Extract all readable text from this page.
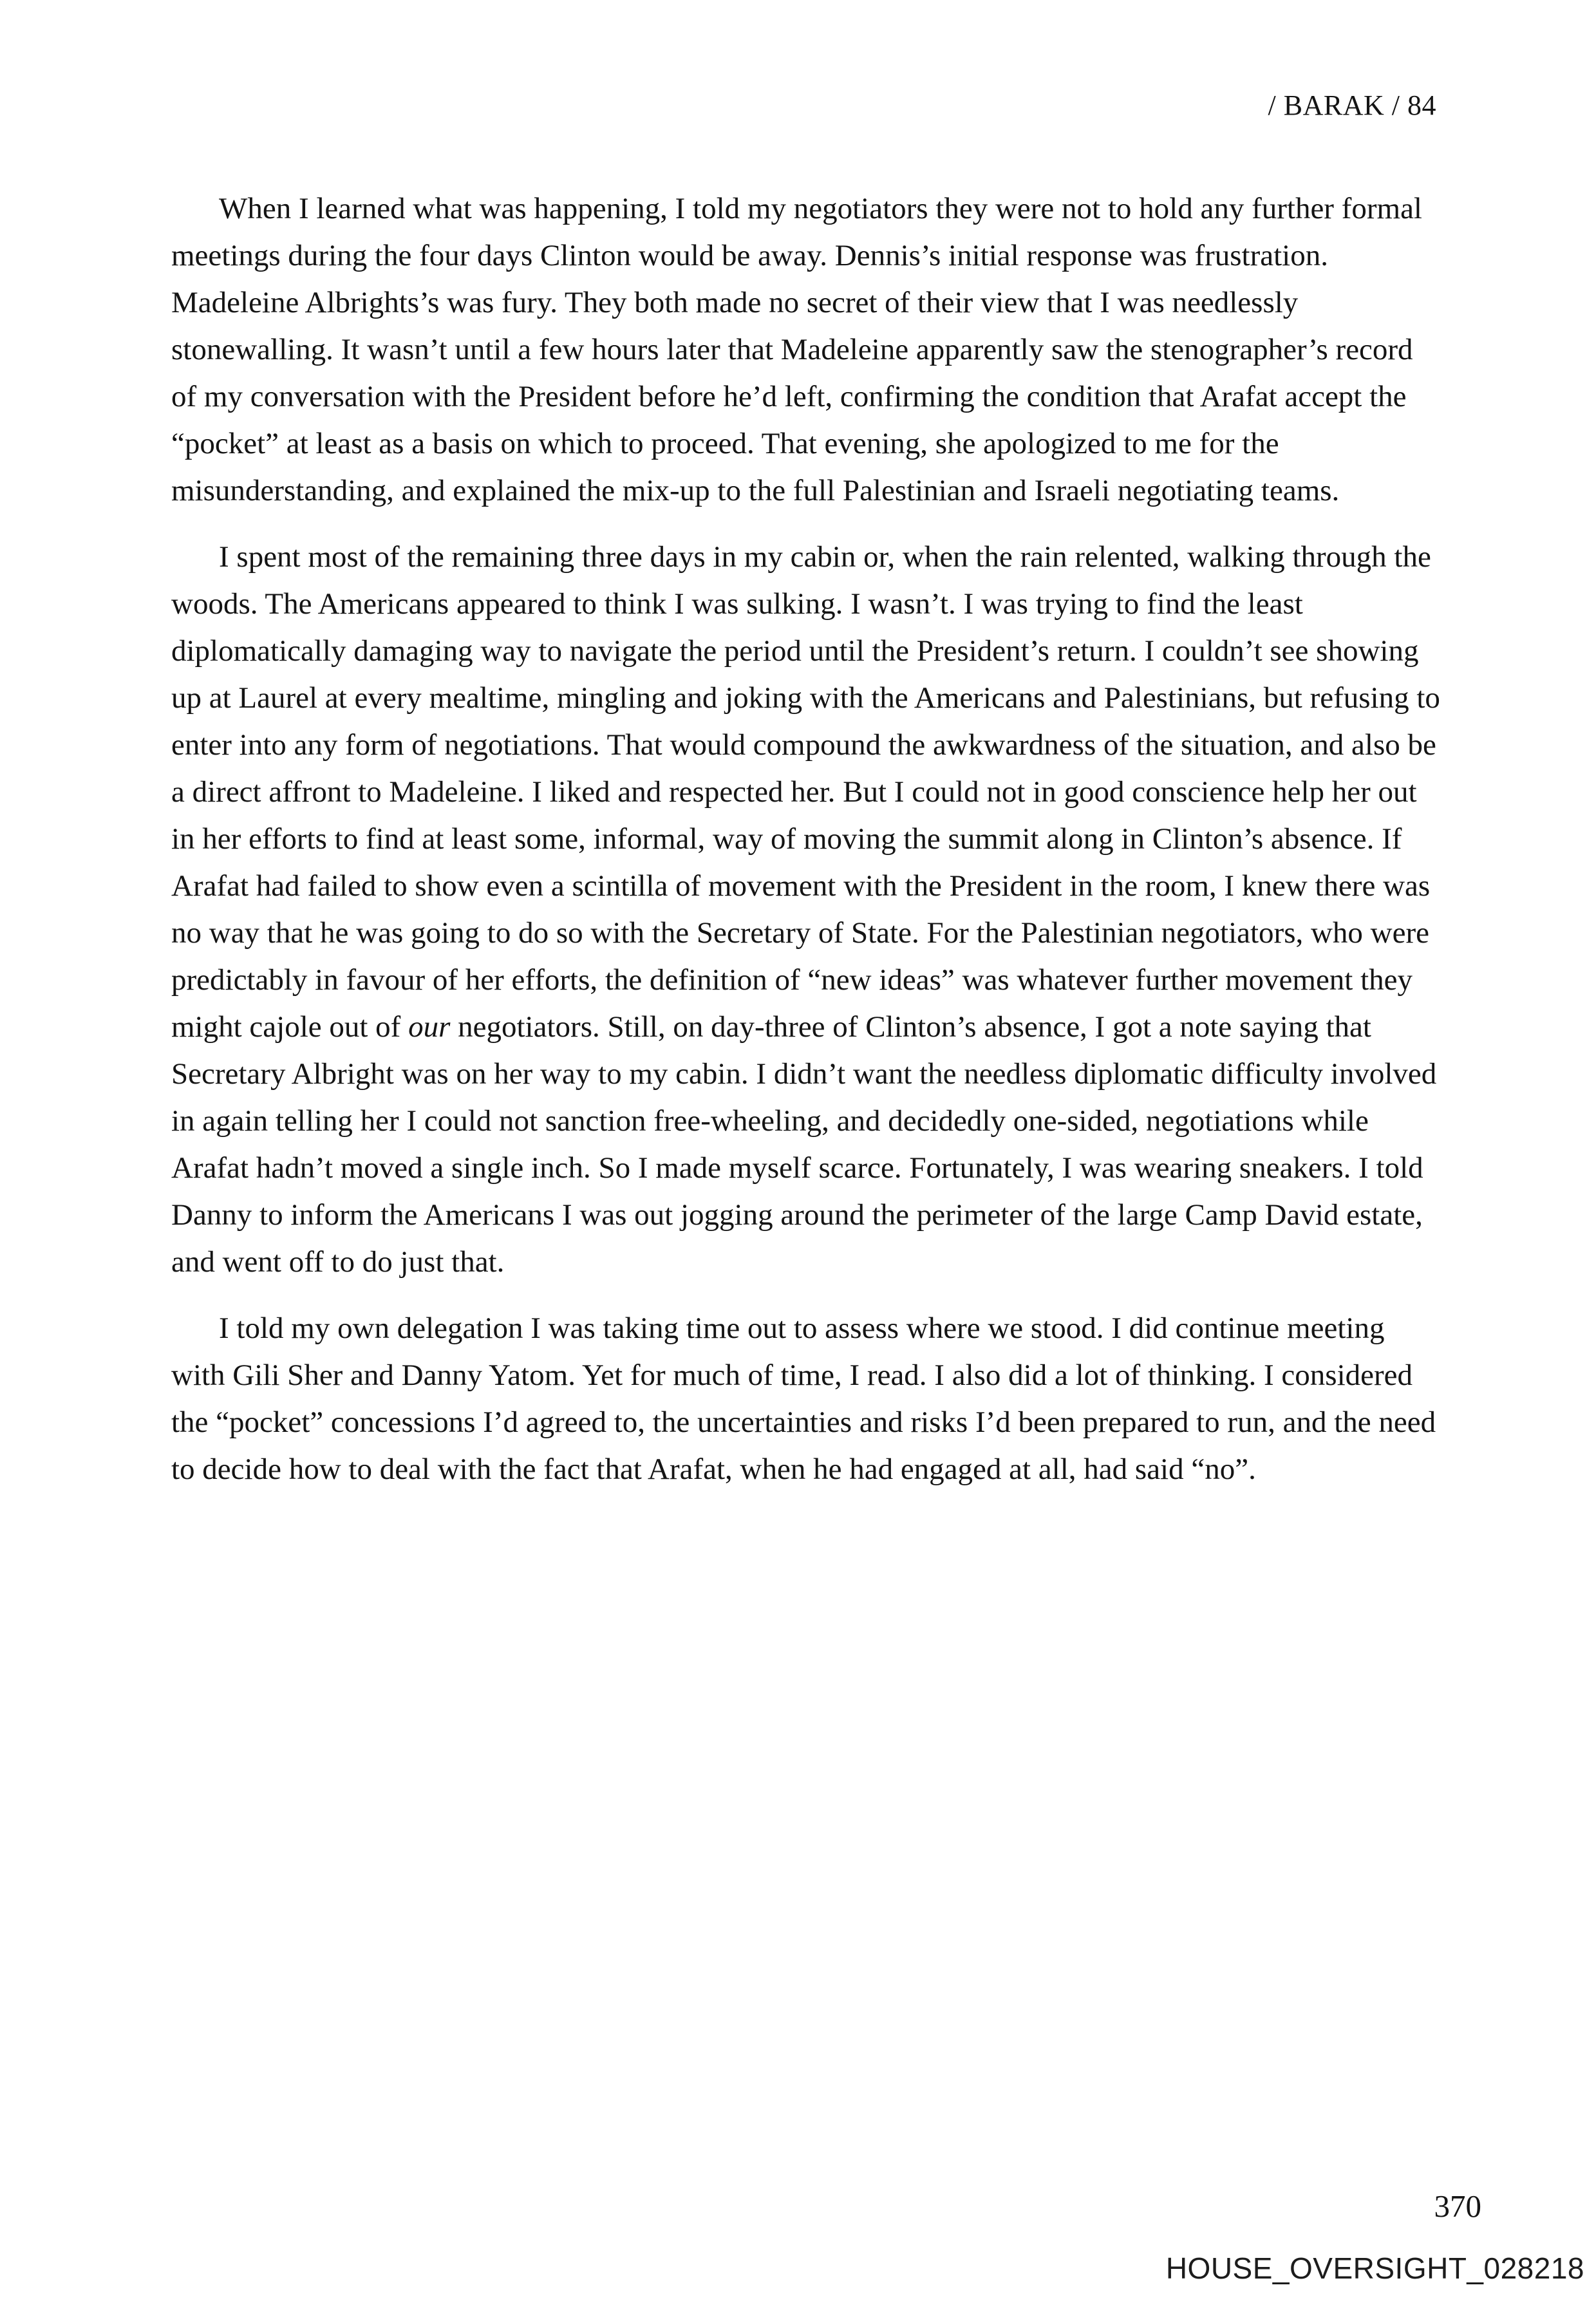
/ BARAK / 84

When I learned what was happening, I told my negotiators they were not to hold any further formal meetings during the four days Clinton would be away. Dennis’s initial response was frustration. Madeleine Albrights’s was fury. They both made no secret of their view that I was needlessly stonewalling. It wasn’t until a few hours later that Madeleine apparently saw the stenographer’s record of my conversation with the President before he’d left, confirming the condition that Arafat accept the “pocket” at least as a basis on which to proceed. That evening, she apologized to me for the misunderstanding, and explained the mix-up to the full Palestinian and Israeli negotiating teams.

I spent most of the remaining three days in my cabin or, when the rain relented, walking through the woods. The Americans appeared to think I was sulking. I wasn’t. I was trying to find the least diplomatically damaging way to navigate the period until the President’s return. I couldn’t see showing up at Laurel at every mealtime, mingling and joking with the Americans and Palestinians, but refusing to enter into any form of negotiations. That would compound the awkwardness of the situation, and also be a direct affront to Madeleine. I liked and respected her. But I could not in good conscience help her out in her efforts to find at least some, informal, way of moving the summit along in Clinton’s absence. If Arafat had failed to show even a scintilla of movement with the President in the room, I knew there was no way that he was going to do so with the Secretary of State. For the Palestinian negotiators, who were predictably in favour of her efforts, the definition of “new ideas” was whatever further movement they might cajole out of our negotiators. Still, on day-three of Clinton’s absence, I got a note saying that Secretary Albright was on her way to my cabin. I didn’t want the needless diplomatic difficulty involved in again telling her I could not sanction free-wheeling, and decidedly one-sided, negotiations while Arafat hadn’t moved a single inch. So I made myself scarce. Fortunately, I was wearing sneakers. I told Danny to inform the Americans I was out jogging around the perimeter of the large Camp David estate, and went off to do just that.

I told my own delegation I was taking time out to assess where we stood. I did continue meeting with Gili Sher and Danny Yatom. Yet for much of time, I read. I also did a lot of thinking. I considered the “pocket” concessions I’d agreed to, the uncertainties and risks I’d been prepared to run, and the need to decide how to deal with the fact that Arafat, when he had engaged at all, had said “no”.

370
HOUSE_OVERSIGHT_028218
